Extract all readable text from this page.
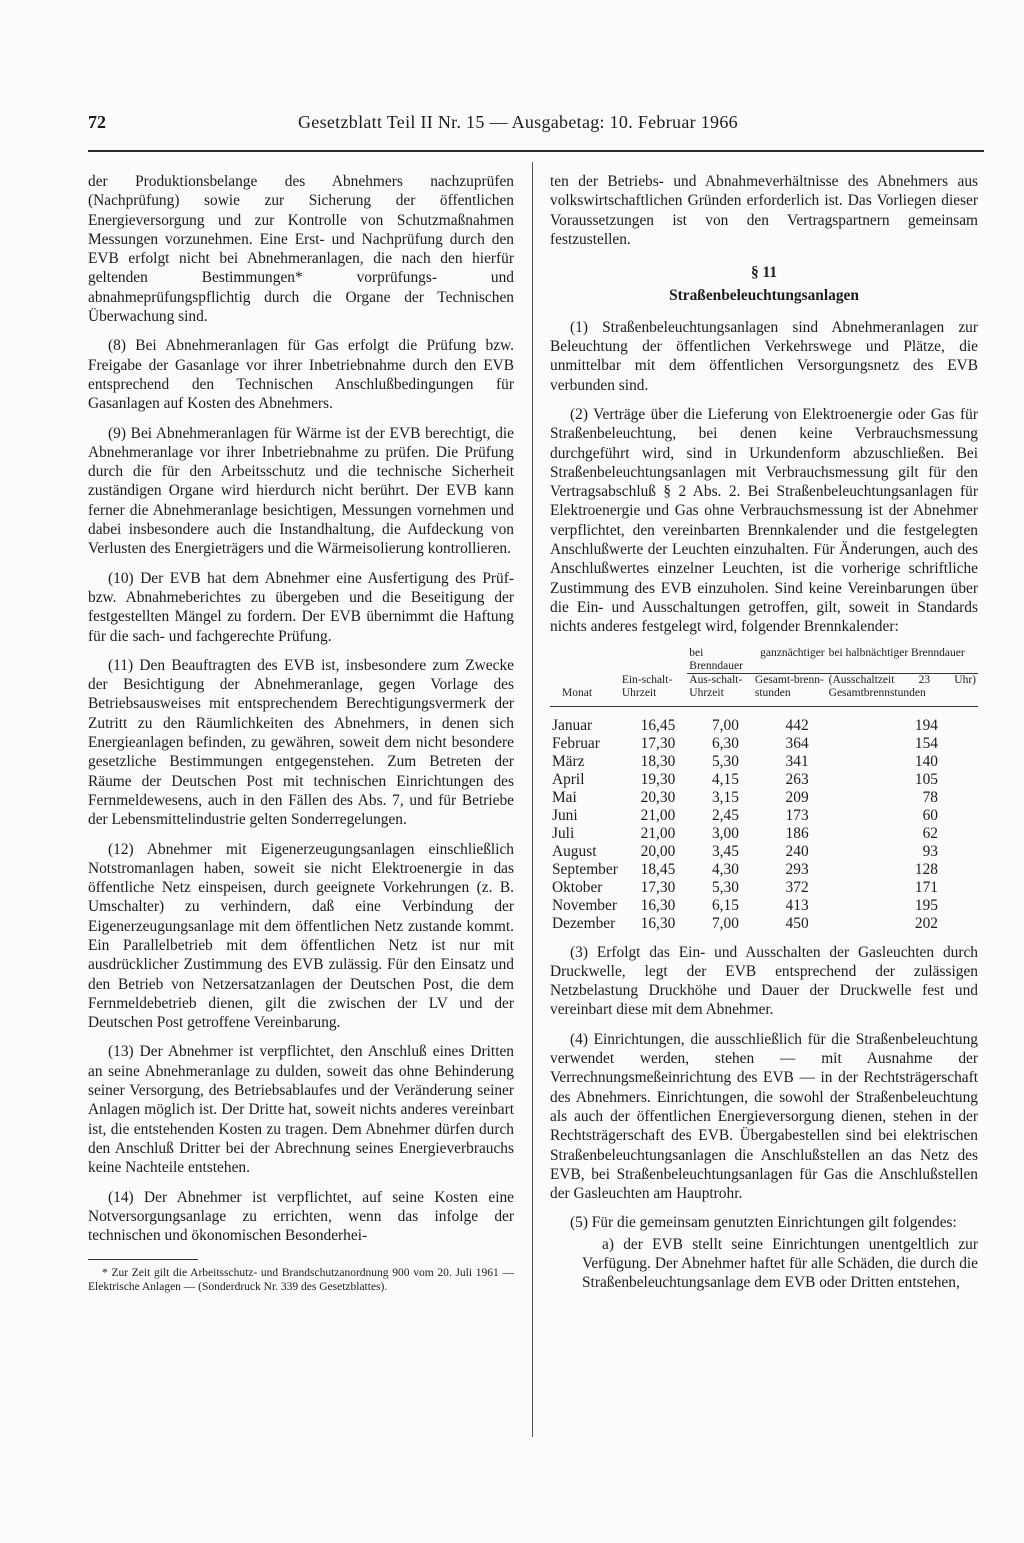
72	Gesetzblatt Teil II Nr. 15 — Ausgabetag: 10. Februar 1966

der Produktionsbelange des Abnehmers nachzuprüfen (Nachprüfung) sowie zur Sicherung der öffentlichen Energieversorgung und zur Kontrolle von Schutzmaßnahmen Messungen vorzunehmen. Eine Erst- und Nachprüfung durch den EVB erfolgt nicht bei Abnehmeranlagen, die nach den hierfür geltenden Bestimmungen* vorprüfungs- und abnahmeprüfungspflichtig durch die Organe der Technischen Überwachung sind.

(8) Bei Abnehmeranlagen für Gas erfolgt die Prüfung bzw. Freigabe der Gasanlage vor ihrer Inbetriebnahme durch den EVB entsprechend den Technischen Anschlußbedingungen für Gasanlagen auf Kosten des Abnehmers.

(9) Bei Abnehmeranlagen für Wärme ist der EVB berechtigt, die Abnehmeranlage vor ihrer Inbetriebnahme zu prüfen. Die Prüfung durch die für den Arbeitsschutz und die technische Sicherheit zuständigen Organe wird hierdurch nicht berührt. Der EVB kann ferner die Abnehmeranlage besichtigen, Messungen vornehmen und dabei insbesondere auch die Instandhaltung, die Aufdeckung von Verlusten des Energieträgers und die Wärmeisolierung kontrollieren.

(10) Der EVB hat dem Abnehmer eine Ausfertigung des Prüf- bzw. Abnahmeberichtes zu übergeben und die Beseitigung der festgestellten Mängel zu fordern. Der EVB übernimmt die Haftung für die sach- und fachgerechte Prüfung.

(11) Den Beauftragten des EVB ist, insbesondere zum Zwecke der Besichtigung der Abnehmeranlage, gegen Vorlage des Betriebsausweises mit entsprechendem Berechtigungsvermerk der Zutritt zu den Räumlichkeiten des Abnehmers, in denen sich Energieanlagen befinden, zu gewähren, soweit dem nicht besondere gesetzliche Bestimmungen entgegenstehen. Zum Betreten der Räume der Deutschen Post mit technischen Einrichtungen des Fernmeldewesens, auch in den Fällen des Abs. 7, und für Betriebe der Lebensmittelindustrie gelten Sonderregelungen.

(12) Abnehmer mit Eigenerzeugungsanlagen einschließlich Notstromanlagen haben, soweit sie nicht Elektroenergie in das öffentliche Netz einspeisen, durch geeignete Vorkehrungen (z. B. Umschalter) zu verhindern, daß eine Verbindung der Eigenerzeugungsanlage mit dem öffentlichen Netz zustande kommt. Ein Parallelbetrieb mit dem öffentlichen Netz ist nur mit ausdrücklicher Zustimmung des EVB zulässig. Für den Einsatz und den Betrieb von Netzersatzanlagen der Deutschen Post, die dem Fernmeldebetrieb dienen, gilt die zwischen der LV und der Deutschen Post getroffene Vereinbarung.

(13) Der Abnehmer ist verpflichtet, den Anschluß eines Dritten an seine Abnehmeranlage zu dulden, soweit das ohne Behinderung seiner Versorgung, des Betriebsablaufes und der Veränderung seiner Anlagen möglich ist. Der Dritte hat, soweit nichts anderes vereinbart ist, die entstehenden Kosten zu tragen. Dem Abnehmer dürfen durch den Anschluß Dritter bei der Abrechnung seines Energieverbrauchs keine Nachteile entstehen.

(14) Der Abnehmer ist verpflichtet, auf seine Kosten eine Notversorgungsanlage zu errichten, wenn das infolge der technischen und ökonomischen Besonderhei-

* Zur Zeit gilt die Arbeitsschutz- und Brandschutzanordnung 900 vom 20. Juli 1961 — Elektrische Anlagen — (Sonderdruck Nr. 339 des Gesetzblattes).

ten der Betriebs- und Abnahmeverhältnisse des Abnehmers aus volkswirtschaftlichen Gründen erforderlich ist. Das Vorliegen dieser Voraussetzungen ist von den Vertragspartnern gemeinsam festzustellen.

§ 11
Straßenbeleuchtungsanlagen

(1) Straßenbeleuchtungsanlagen sind Abnehmeranlagen zur Beleuchtung der öffentlichen Verkehrswege und Plätze, die unmittelbar mit dem öffentlichen Versorgungsnetz des EVB verbunden sind.

(2) Verträge über die Lieferung von Elektroenergie oder Gas für Straßenbeleuchtung, bei denen keine Verbrauchsmessung durchgeführt wird, sind in Urkundenform abzuschließen. Bei Straßenbeleuchtungsanlagen mit Verbrauchsmessung gilt für den Vertragsabschluß § 2 Abs. 2. Bei Straßenbeleuchtungsanlagen für Elektroenergie und Gas ohne Verbrauchsmessung ist der Abnehmer verpflichtet, den vereinbarten Brennkalender und die festgelegten Anschlußwerte der Leuchten einzuhalten. Für Änderungen, auch des Anschlußwertes einzelner Leuchten, ist die vorherige schriftliche Zustimmung des EVB einzuholen. Sind keine Vereinbarungen über die Ein- und Ausschaltungen getroffen, gilt, soweit in Standards nichts anderes festgelegt wird, folgender Brennkalender:

Monat	Ein-schalt-Uhrzeit	bei ganznächtiger Brenndauer		bei halbnächtiger Brenndauer
		Aus-schalt-Uhrzeit	Gesamt-brenn-stunden	(Ausschaltzeit 23 Uhr) Gesamtbrennstunden

Januar	16,45	7,00	442	194
Februar	17,30	6,30	364	154
März	18,30	5,30	341	140
April	19,30	4,15	263	105
Mai	20,30	3,15	209	78
Juni	21,00	2,45	173	60
Juli	21,00	3,00	186	62
August	20,00	3,45	240	93
September	18,45	4,30	293	128
Oktober	17,30	5,30	372	171
November	16,30	6,15	413	195
Dezember	16,30	7,00	450	202

(3) Erfolgt das Ein- und Ausschalten der Gasleuchten durch Druckwelle, legt der EVB entsprechend der zulässigen Netzbelastung Druckhöhe und Dauer der Druckwelle fest und vereinbart diese mit dem Abnehmer.

(4) Einrichtungen, die ausschließlich für die Straßenbeleuchtung verwendet werden, stehen — mit Ausnahme der Verrechnungsmeßeinrichtung des EVB — in der Rechtsträgerschaft des Abnehmers. Einrichtungen, die sowohl der Straßenbeleuchtung als auch der öffentlichen Energieversorgung dienen, stehen in der Rechtsträgerschaft des EVB. Übergabestellen sind bei elektrischen Straßenbeleuchtungsanlagen die Anschlußstellen an das Netz des EVB, bei Straßenbeleuchtungsanlagen für Gas die Anschlußstellen der Gasleuchten am Hauptrohr.

(5) Für die gemeinsam genutzten Einrichtungen gilt folgendes:

a) der EVB stellt seine Einrichtungen unentgeltlich zur Verfügung. Der Abnehmer haftet für alle Schäden, die durch die Straßenbeleuchtungsanlage dem EVB oder Dritten entstehen,
